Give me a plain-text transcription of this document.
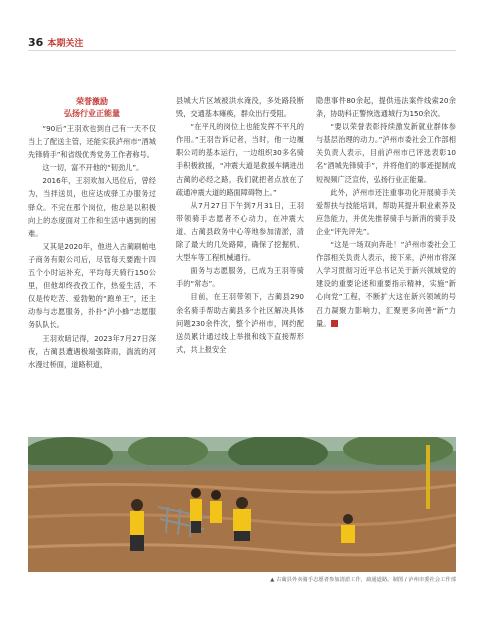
36 本期关注
荣誉激励
弘扬行业正能量

“90后”王羽欢也到自己有一天不仅当上了配送主管，还能实获泸州市“酒城先锋骑手”和省级优秀党务工作者称号。

这一切，富不开他的“韧劲儿”。

2016年，王羽欢加入迅位后，曾经为，当拌送员，也应达成驿工办服务过驿众。不完在那个岗位，他总是以积极向上的态度面对工作和生活中遇到的困难。

又其是2020年，他进入古蔺刷帕电子商务有限公司后，尽管每天要跑十四五个小时运补充，平均每天骑行150公里，但他却终孜孜工作，热爱生活，不仅是传吃苦、爱勃勉的“跑单王”，还主动参与志愿服务，扑扑“泸小蜂”志愿服务队队长。

王羽欢暗记得，2023年7月27日深夜，古蔺县遭遇极端强降雨，湍流的河水漫过桥面，道路积道，

县城大片区域被洪水淹没，多处路段断毁，交通基本瘫痪，群众出行受阻。

“在平凡的岗位上也能发挥不平凡的作用。”王羽告诉记者，当时，他一边履职公司的基本运行，一边组织30多名骑手积极救援，“冲震大道是救援车辆进出古蔺的必经之路，我们就把者点放在了疏通冲震大道的路面障碍物上。”

从7月27日下午到7月31日，王羽带领骑手志愿者不心动力，在冲震大道、古蔺县政务中心等地参加清淤，清除了最大的几处路障，确保了挖掘机、大型车等工程机械通行。

面务与志愿服务，已成为王羽等骑手的“常态”。

目前，在王羽带领下，古蔺县290余名骑手帮助古蔺县多个社区解决具体问题230余件次，整个泸州市，网约配送员累计通过线上举报和线下直接帮形式，共上报安全

隐患事件80余起，提供违法案件线索20余条，协助科正警恢选通城行为150余次。

“要以荣誉表彰持续激发新就业群体参与基层治理的动力。”泸州市委社会工作部相关负责人表示，目前泸州市已评选表彰10名“酒城先锋骑手”，并将他们的事迹提制成短视频广泛宣传，弘扬行业正能量。

此外，泸州市还注重事功化开展骑手关爱帮扶与技能培训，帮助其提升职业素养及应急能力，并优先推荐骑手与新消的骑手及企业“评先评先”。

“这是一场双向奔赴！”泸州市委社会工作部相关负责人表示，接下来，泸州市将深入学习贯彻习近平总书记关于新兴领域党的建设的重要论述和重要指示精神，实施“新心向党”工程，不断扩大这在新兴领域的号召力凝聚力影响力，汇聚更多向善“新”力量。

▲ 古蔺县外卖骑手志愿者参加清淤工作，疏通道路。制图 / 泸州市委社会工作部
